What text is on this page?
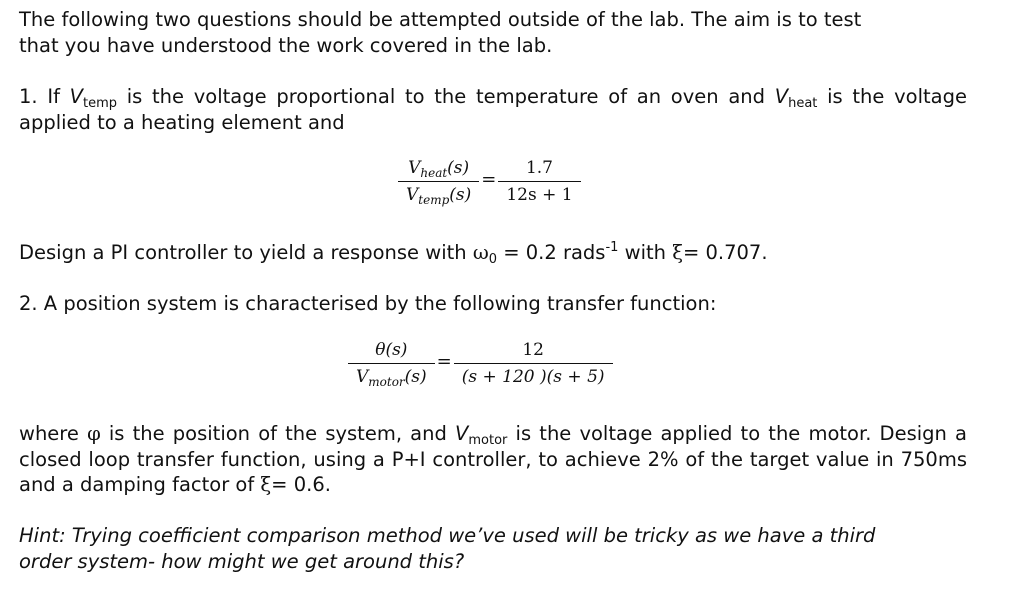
The following two questions should be attempted outside of the lab. The aim is to test
that you have understood the work covered in the lab.

1. If $V_{temp}$ is the voltage proportional to the temperature of an oven and $V_{heat}$ is the voltage applied to a heating element and

$\frac{V_{heat}(s)}{V_{temp}(s)} = \frac{1.7}{12s + 1}$

Design a PI controller to yield a response with $\omega_0 = 0.2$ rads$^{-1}$ with ξ= 0.707.

2. A position system is characterised by the following transfer function:

$\frac{\theta(s)}{V_{motor}(s)} = \frac{12}{(s + 120 )(s + 5)}$

where φ is the position of the system, and $V_{motor}$ is the voltage applied to the motor. Design a closed loop transfer function, using a P+I controller, to achieve 2% of the target value in 750ms and a damping factor of ξ= 0.6.

Hint: Trying coefficient comparison method we’ve used will be tricky as we have a third
order system- how might we get around this?
